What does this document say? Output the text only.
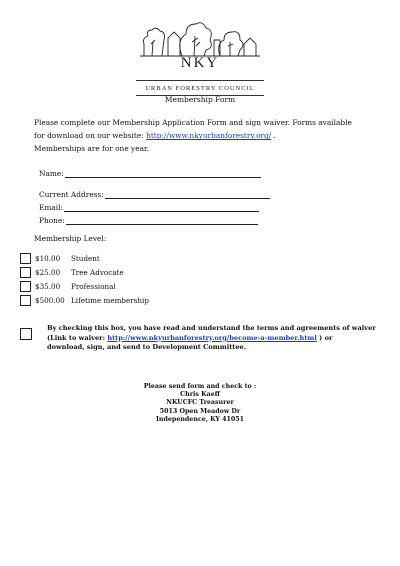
NKY
URBAN FORESTRY COUNCIL
Membership Form
Please complete our Membership Application Form and sign waiver. Forms available
for download on our website: http://www.nkyurbanforestry.org/ .
Memberships are for one year.
Name:
Current Address:
Email:
Phone:
Membership Level:
$10.00	Student
$25.00	Tree Advocate
$35.00	Professional
$500.00 Lifetime membership
By checking this box, you have read and understand the terms and agreements of waiver
(Link to waiver: http://www.nkyurbanforestry.org/become-a-member.html ) or
download, sign, and send to Development Committee.
Please send form and check to :
Chris Kaeff
NKUCFC Treasurer
5013 Open Meadow Dr
Independence, KY 41051
